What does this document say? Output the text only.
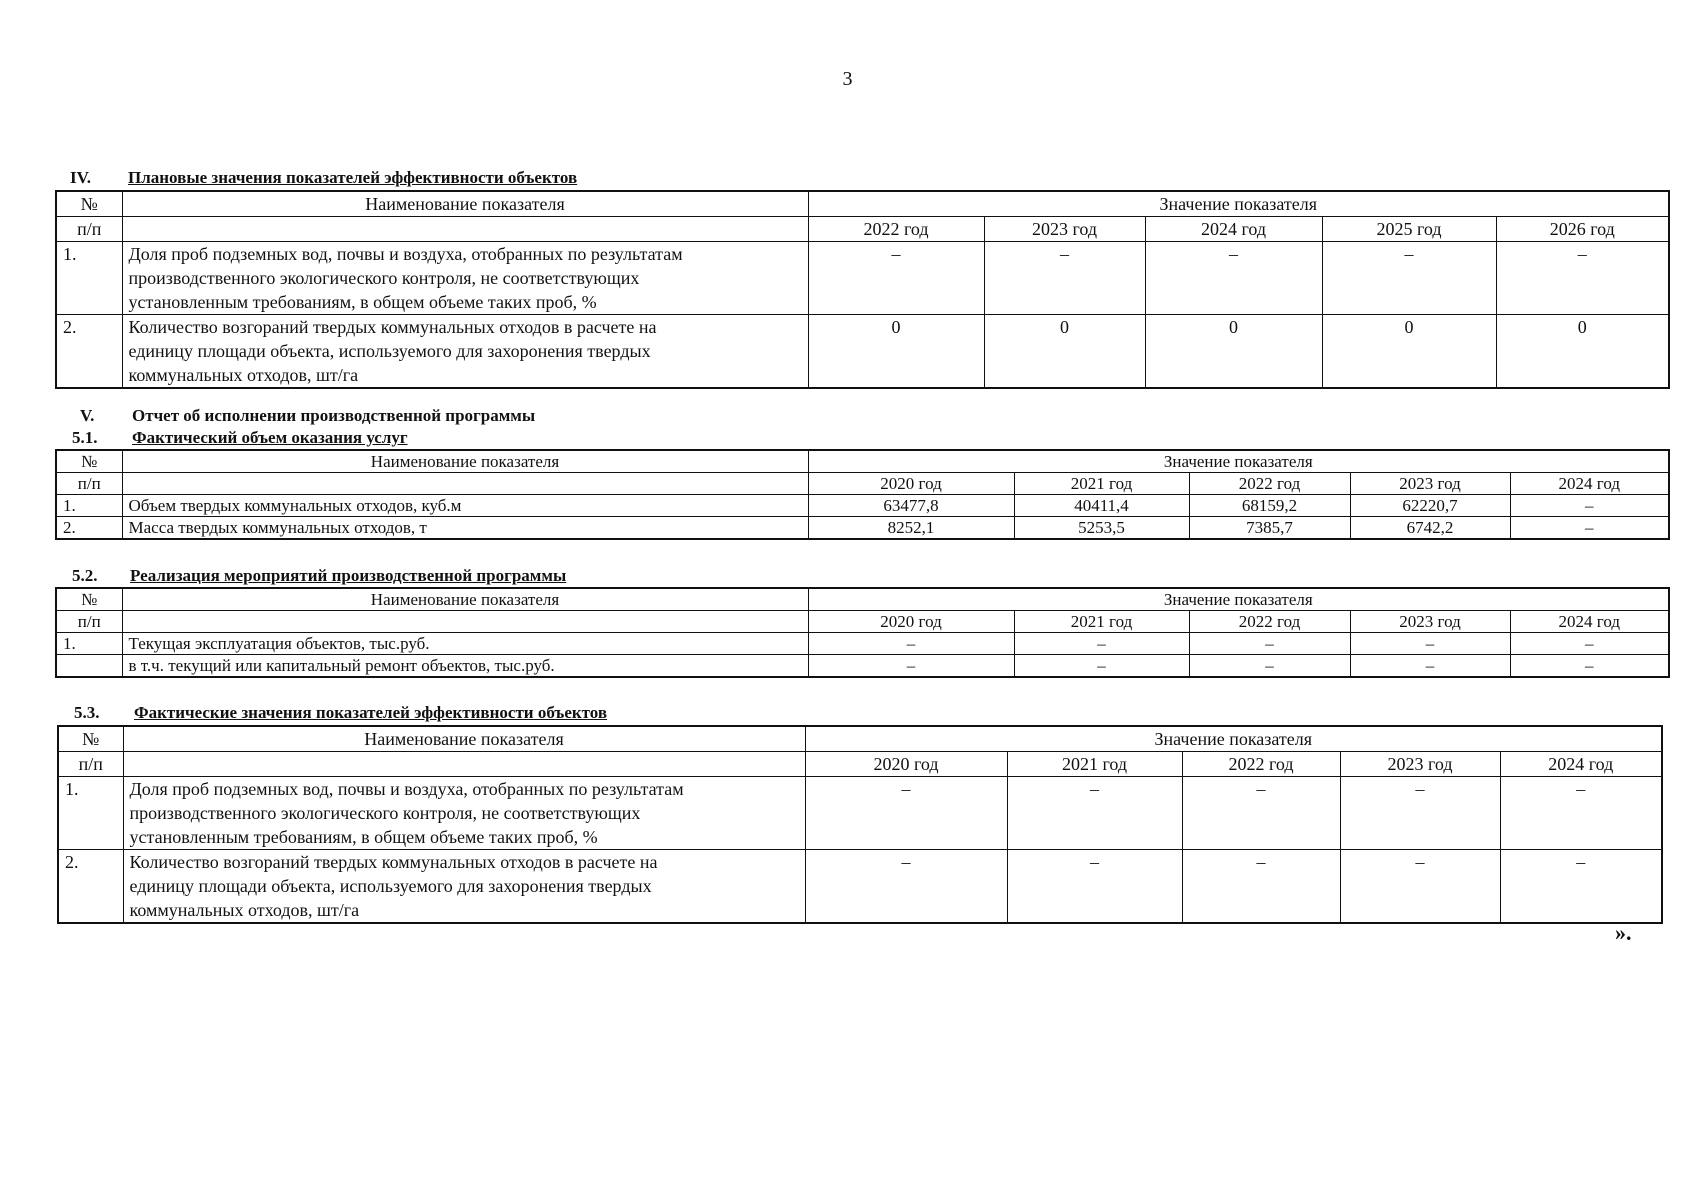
3
IV. Плановые значения показателей эффективности объектов
№	Наименование показателя	Значение показателя				
п/п		2022 год	2023 год	2024 год	2025 год	2026 год
1.	Доля проб подземных вод, почвы и воздуха, отобранных по результатам
производственного экологического контроля, не соответствующих
установленным требованиям, в общем объеме таких проб, %	–	–	–	–	–
2.	Количество возгораний твердых коммунальных отходов в расчете на
единицу площади объекта, используемого для захоронения твердых
коммунальных отходов, шт/га	0	0	0	0	0
V. Отчет об исполнении производственной программы
5.1. Фактический объем оказания услуг
№	Наименование показателя	Значение показателя				
п/п		2020 год	2021 год	2022 год	2023 год	2024 год
1.	Объем твердых коммунальных отходов, куб.м	63477,8	40411,4	68159,2	62220,7	–
2.	Масса твердых коммунальных отходов, т	8252,1	5253,5	7385,7	6742,2	–
5.2. Реализация мероприятий производственной программы
№	Наименование показателя	Значение показателя				
п/п		2020 год	2021 год	2022 год	2023 год	2024 год
1.	Текущая эксплуатация объектов, тыс.руб.	–	–	–	–	–
	в т.ч. текущий или капитальный ремонт объектов, тыс.руб.	–	–	–	–	–
5.3. Фактические значения показателей эффективности объектов
№	Наименование показателя	Значение показателя				
п/п		2020 год	2021 год	2022 год	2023 год	2024 год
1.	Доля проб подземных вод, почвы и воздуха, отобранных по результатам
производственного экологического контроля, не соответствующих
установленным требованиям, в общем объеме таких проб, %	–	–	–	–	–
2.	Количество возгораний твердых коммунальных отходов в расчете на
единицу площади объекта, используемого для захоронения твердых
коммунальных отходов, шт/га	–	–	–	–	–
».
